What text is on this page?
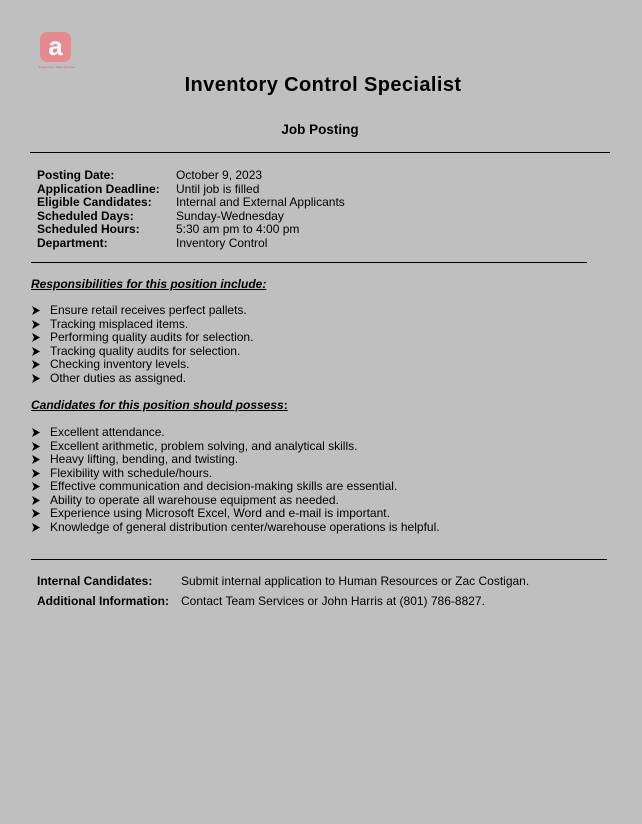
a
Powered by Team Services
Inventory Control Specialist
Job Posting
Posting Date:	October 9, 2023
Application Deadline:	Until job is filled
Eligible Candidates:	Internal and External Applicants
Scheduled Days:	Sunday-Wednesday
Scheduled Hours:	5:30 am pm to 4:00 pm
Department:	Inventory Control
Responsibilities for this position include:
Ensure retail receives perfect pallets.
Tracking misplaced items.
Performing quality audits for selection.
Tracking quality audits for selection.
Checking inventory levels.
Other duties as assigned.
Candidates for this position should possess:
Excellent attendance.
Excellent arithmetic, problem solving, and analytical skills.
Heavy lifting, bending, and twisting.
Flexibility with schedule/hours.
Effective communication and decision-making skills are essential.
Ability to operate all warehouse equipment as needed.
Experience using Microsoft Excel, Word and e-mail is important.
Knowledge of general distribution center/warehouse operations is helpful.
Internal Candidates:	Submit internal application to Human Resources or Zac Costigan.
Additional Information:	Contact Team Services or John Harris at (801) 786-8827.
